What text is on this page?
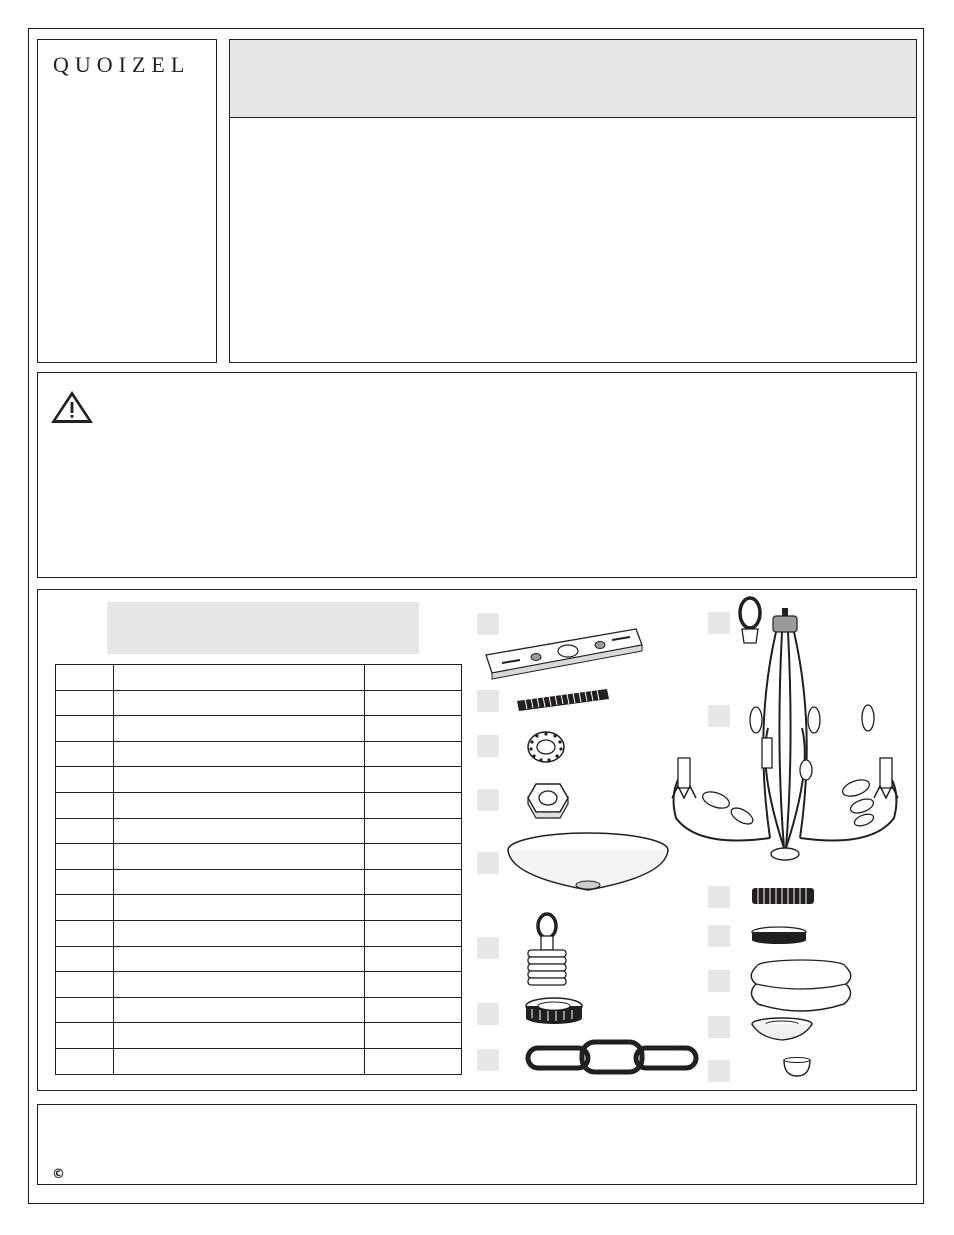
QUOIZEL

©
